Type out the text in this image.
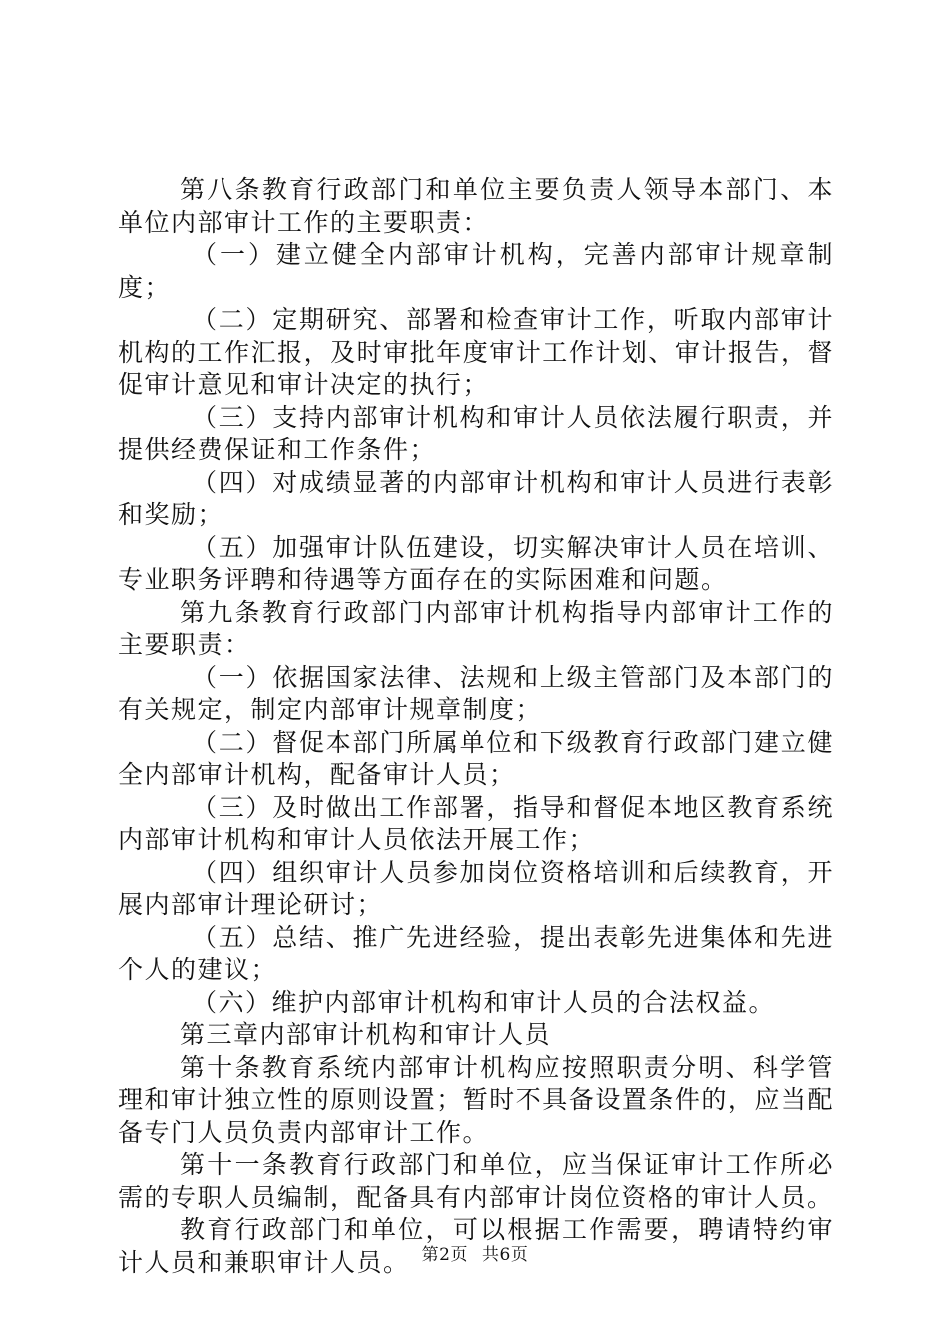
第八条教育行政部门和单位主要负责人领导本部门、本单位内部审计工作的主要职责：

（一）建立健全内部审计机构，完善内部审计规章制度；

（二）定期研究、部署和检查审计工作，听取内部审计机构的工作汇报，及时审批年度审计工作计划、审计报告，督促审计意见和审计决定的执行；

（三）支持内部审计机构和审计人员依法履行职责，并提供经费保证和工作条件；

（四）对成绩显著的内部审计机构和审计人员进行表彰和奖励；

（五）加强审计队伍建设，切实解决审计人员在培训、专业职务评聘和待遇等方面存在的实际困难和问题。

第九条教育行政部门内部审计机构指导内部审计工作的主要职责：

（一）依据国家法律、法规和上级主管部门及本部门的有关规定，制定内部审计规章制度；

（二）督促本部门所属单位和下级教育行政部门建立健全内部审计机构，配备审计人员；

（三）及时做出工作部署，指导和督促本地区教育系统内部审计机构和审计人员依法开展工作；

（四）组织审计人员参加岗位资格培训和后续教育，开展内部审计理论研讨；

（五）总结、推广先进经验，提出表彰先进集体和先进个人的建议；

（六）维护内部审计机构和审计人员的合法权益。

第三章内部审计机构和审计人员

第十条教育系统内部审计机构应按照职责分明、科学管理和审计独立性的原则设置；暂时不具备设置条件的，应当配备专门人员负责内部审计工作。

第十一条教育行政部门和单位，应当保证审计工作所必需的专职人员编制，配备具有内部审计岗位资格的审计人员。

教育行政部门和单位，可以根据工作需要，聘请特约审计人员和兼职审计人员。 第2页 共6页
